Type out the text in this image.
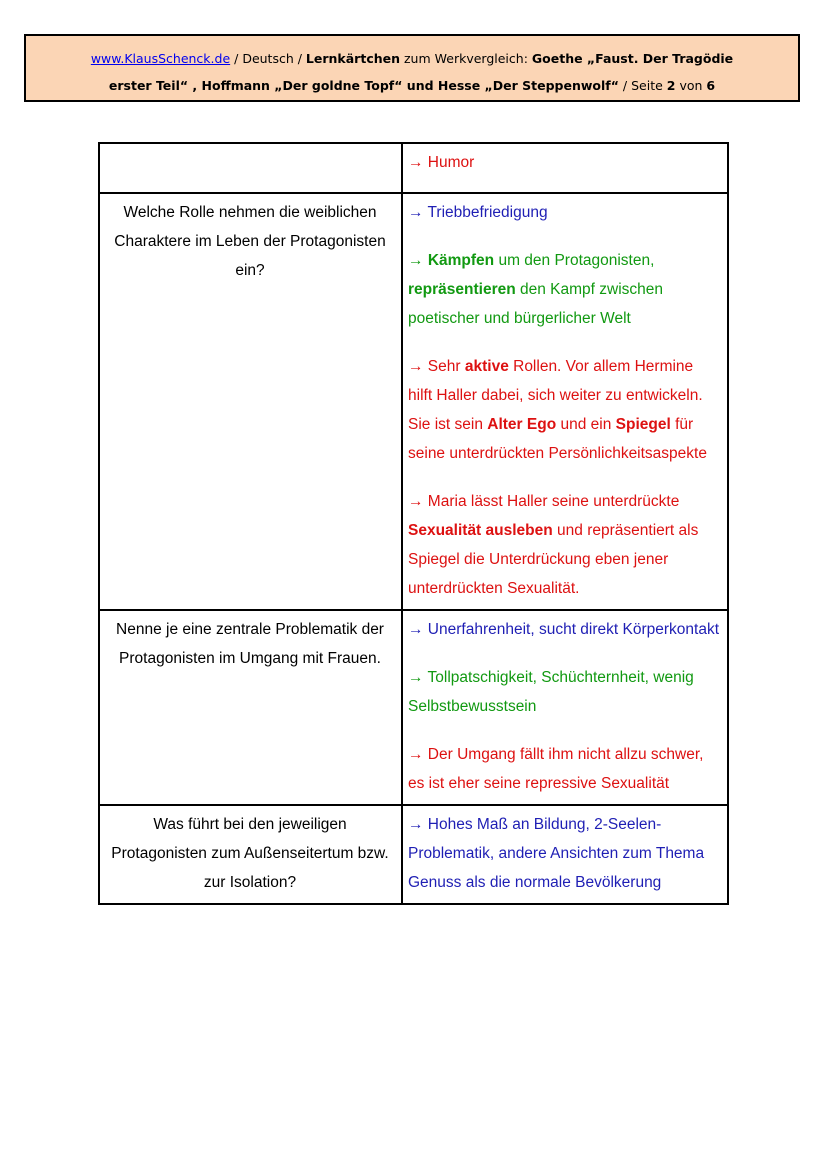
www.KlausSchenck.de / Deutsch / Lernkärtchen zum Werkvergleich: Goethe „Faust. Der Tragödie
erster Teil“ , Hoffmann „Der goldne Topf“ und Hesse „Der Steppenwolf“ / Seite 2 von 6

	→ Humor

Welche Rolle nehmen die weiblichen Charaktere im Leben der Protagonisten ein?	→ Triebbefriedigung
→ Kämpfen um den Protagonisten, repräsentieren den Kampf zwischen poetischer und bürgerlicher Welt
→ Sehr aktive Rollen. Vor allem Hermine hilft Haller dabei, sich weiter zu entwickeln. Sie ist sein Alter Ego und ein Spiegel für seine unterdrückten Persönlichkeitsaspekte
→ Maria lässt Haller seine unterdrückte Sexualität ausleben und repräsentiert als Spiegel die Unterdrückung eben jener unterdrückten Sexualität.

Nenne je eine zentrale Problematik der Protagonisten im Umgang mit Frauen.	→ Unerfahrenheit, sucht direkt Körperkontakt
→ Tollpatschigkeit, Schüchternheit, wenig Selbstbewusstsein
→ Der Umgang fällt ihm nicht allzu schwer, es ist eher seine repressive Sexualität

Was führt bei den jeweiligen Protagonisten zum Außenseitertum bzw. zur Isolation?	→ Hohes Maß an Bildung, 2-Seelen-Problematik, andere Ansichten zum Thema Genuss als die normale Bevölkerung
